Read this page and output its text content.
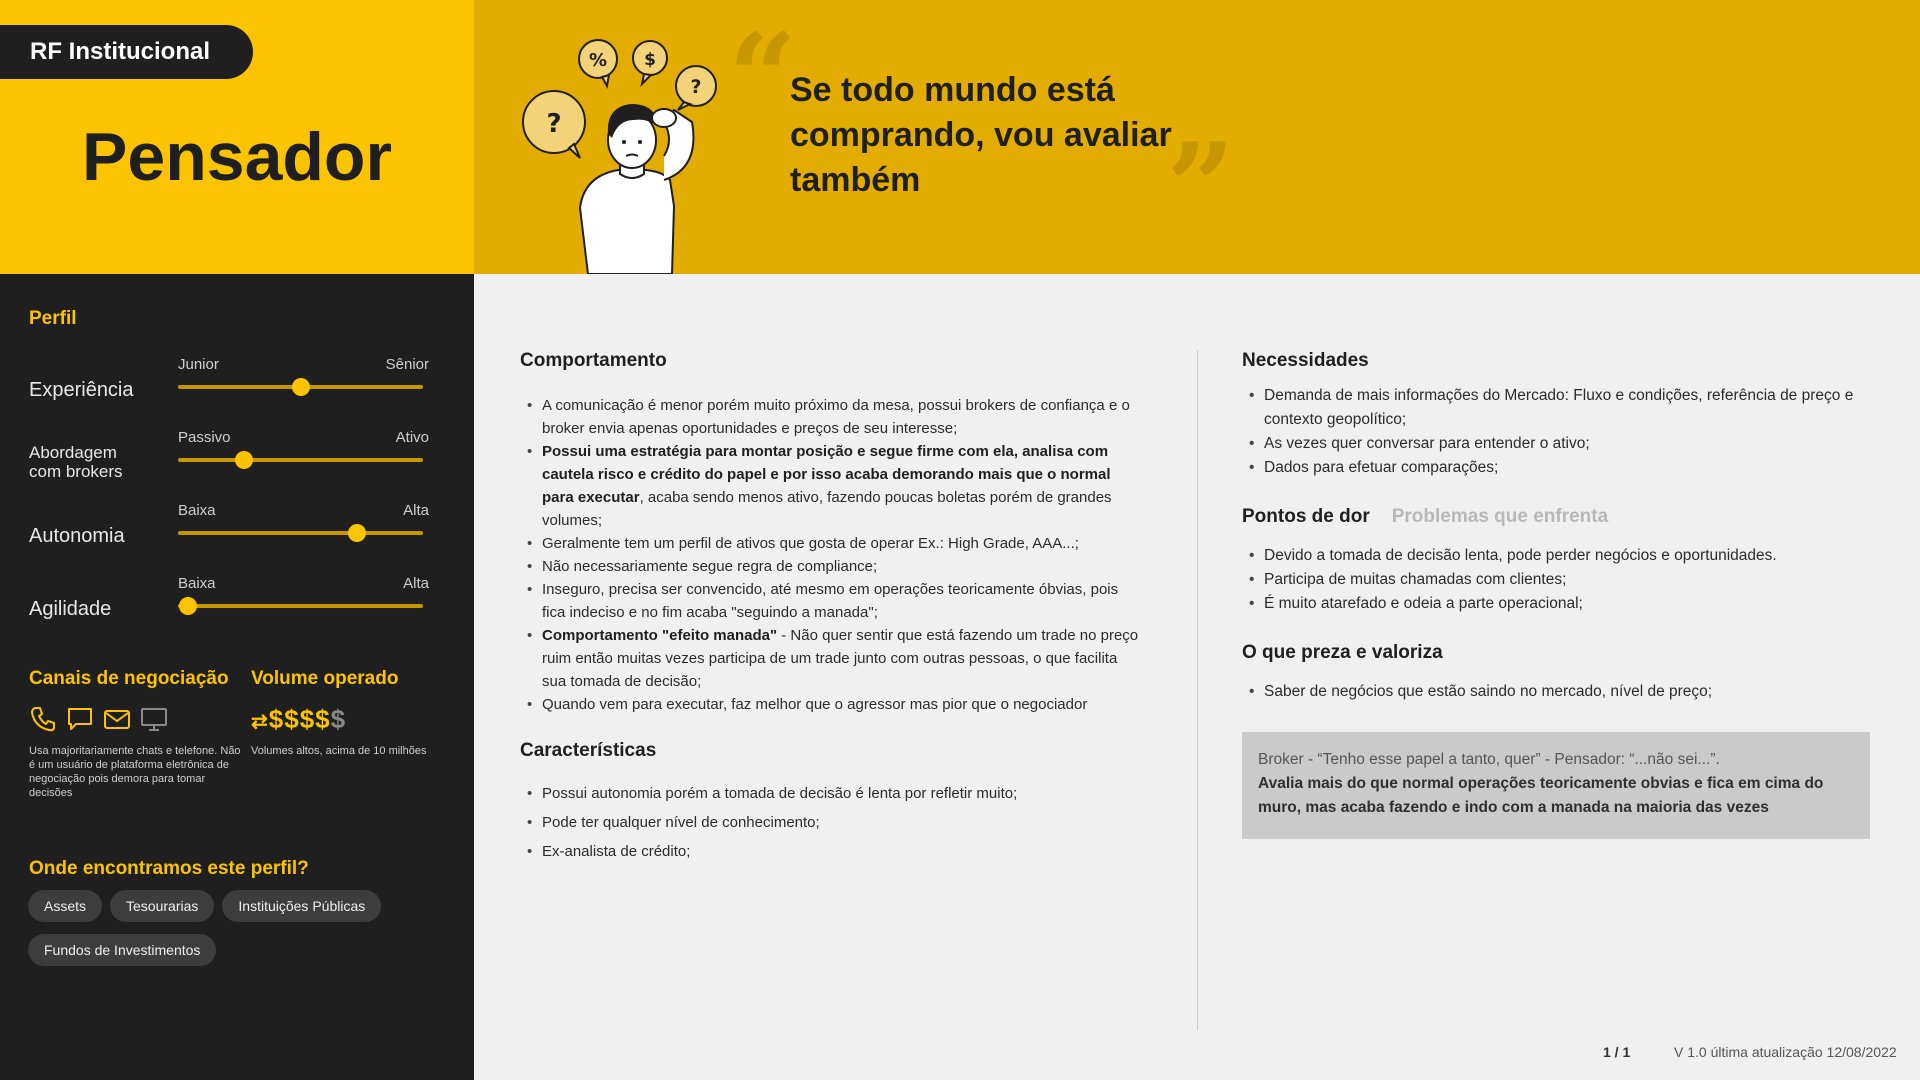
RF Institucional
Pensador	?
% $
? “
Se todo mundo está comprando, vou avaliar também	”
Perfil
Experiência
Junior	Sênior
Abordagem com brokers
Passivo	Ativo
Autonomia
Baixa	Alta
Agilidade
Baixa	Alta
Canais de negociação
Usa majoritariamente chats e telefone. Não é um usuário de plataforma eletrônica de negociação pois demora para tomar decisões
Volume operado
⇄$$$$$
Volumes altos, acima de 10 milhões
Onde encontramos este perfil?
Assets	Tesourarias	Instituições Públicas
Fundos de Investimentos
Comportamento
• A comunicação é menor porém muito próximo da mesa, possui brokers de confiança e o broker envia apenas oportunidades e preços de seu interesse;
• Possui uma estratégia para montar posição e segue firme com ela, analisa com cautela risco e crédito do papel e por isso acaba demorando mais que o normal para executar, acaba sendo menos ativo, fazendo poucas boletas porém de grandes volumes;
• Geralmente tem um perfil de ativos que gosta de operar Ex.: High Grade, AAA...;
• Não necessariamente segue regra de compliance;
• Inseguro, precisa ser convencido, até mesmo em operações teoricamente óbvias, pois fica indeciso e no fim acaba "seguindo a manada";
• Comportamento "efeito manada" - Não quer sentir que está fazendo um trade no preço ruim então muitas vezes participa de um trade junto com outras pessoas, o que facilita sua tomada de decisão;
• Quando vem para executar, faz melhor que o agressor mas pior que o negociador
Características
• Possui autonomia porém a tomada de decisão é lenta por refletir muito;
• Pode ter qualquer nível de conhecimento;
• Ex-analista de crédito;
Necessidades
• Demanda de mais informações do Mercado: Fluxo e condições, referência de preço e contexto geopolítico;
• As vezes quer conversar para entender o ativo;
• Dados para efetuar comparações;
Pontos de dor Problemas que enfrenta
• Devido a tomada de decisão lenta, pode perder negócios e oportunidades.
• Participa de muitas chamadas com clientes;
• É muito atarefado e odeia a parte operacional;
O que preza e valoriza
• Saber de negócios que estão saindo no mercado, nível de preço;
Broker - “Tenho esse papel a tanto, quer” - Pensador: “...não sei...”.
Avalia mais do que normal operações teoricamente obvias e fica em cima do muro, mas acaba fazendo e indo com a manada na maioria das vezes
1 / 1	V 1.0 última atualização 12/08/2022
